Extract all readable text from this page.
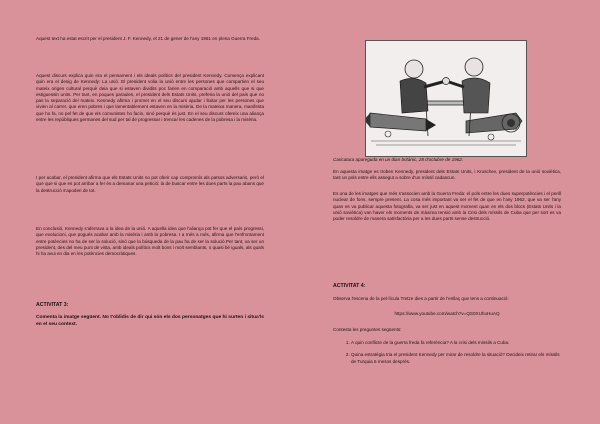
Aquest text ha estat escrit per el president J. F. Kennedy, el 21 de gener de l'any 1961 en plena Guerra Freda.

Aquest discurs explica quin era el pensament i els ideals polítics del president Kennedy. Comença explicant quin era el desig de Kennedy: La unió. El president volia la unió entre les persones que compartien el seu mateix origen cultural perquè deia que si estaven dividits poc farien en comparació amb aquells que si que estiguessin units. Per tant, en poques paraules, el president dels Estats Units, preferia la unió del país que no pas la separació del mateix. Kennedy afirma i promet en el seu discurs ajudar i lluitar per les persones que vivien al carrer, que eren pobres i que lamentablement estaven en la misèria. De la mateixa manera, manifesta que ho fa, no pel fet de que els comunistes ho facin, sinó perquè és just. En el seu discurs ofereix una aliança entre les repúbliques germanes del sud per tal de progressar i trencar les cadenes de la pobresa i la misèria.

I per acabar, el president afirma que els Estats Units no pot oferir cap compromís als països adversaris, però el que que si que es pot arribar a fer és a demanar una petició: la de buscar entre les dues parts la pau abans que la destrucció s'apoderi de tot.

En conclusió, Kennedy s'aferrava a la idea de la unió. A aquella idea que l'aliança pot fer que el país progressi, que evolucioni, que pogués acabar amb la misèria i amb la pobresa. I a més a més, afirma que l'enfrontament entre potències no ha de ser la solució, sinó que la búsqueda de la pau ha de ser la solució.Per tant, va ser un president, des del meu punt de vista, amb ideals polítics molt bons i molt semblants, o quasi bé iguals, als quals hi ha avui en dia en les potències democràtiques.

ACTIVITAT 3:

Comenta la imatge següent. No t'oblidis de dir qui són els dos personatges que hi surten i situa'ls en el seu context.

Caricatura apareguda en un diari britànic, 28 d'octubre de 1962.

En aquesta imatge es troben Kennedy, president dels Estats Units, i Kruschev, president de la unió soviètica, tant un pols entre ells assegut a sobre d'un míssil cadascun.

Es una de les imatges que més s'associen amb la Guerra Freda: el pols entre les dues superpotències i el perill nuclear de fons, sempre present. La cosa més important va ser el fet de que en l'any 1962, que va ser l'any quan es va publicar aquesta fotografia, va ser just en aquest moment quan en els dos blocs (Estats Units i la unió soviètica) van haver els moments de màxima tensió amb la Crisi dels míssils de Cuba que per sort es va poder resoldre de manera satisfactòria per a les dues parts sense destrucció.

ACTIVITAT 4:

Observa l'escena de la pel·lícula Tretze dies a partir de l'enllaç que tens a continuació:

https://www.youtube.com/watch?v=QS0XUhuHuAQ

Contesta les preguntes següents:

1. A quin conflicte de la guerra freda fa referència? A la crisi dels míssils a Cuba.
2. Quina estratègia tria el president Kennedy per mirar de resoldre la situació? Decideix retirar els míssils de Turquia 6 mesos després.
